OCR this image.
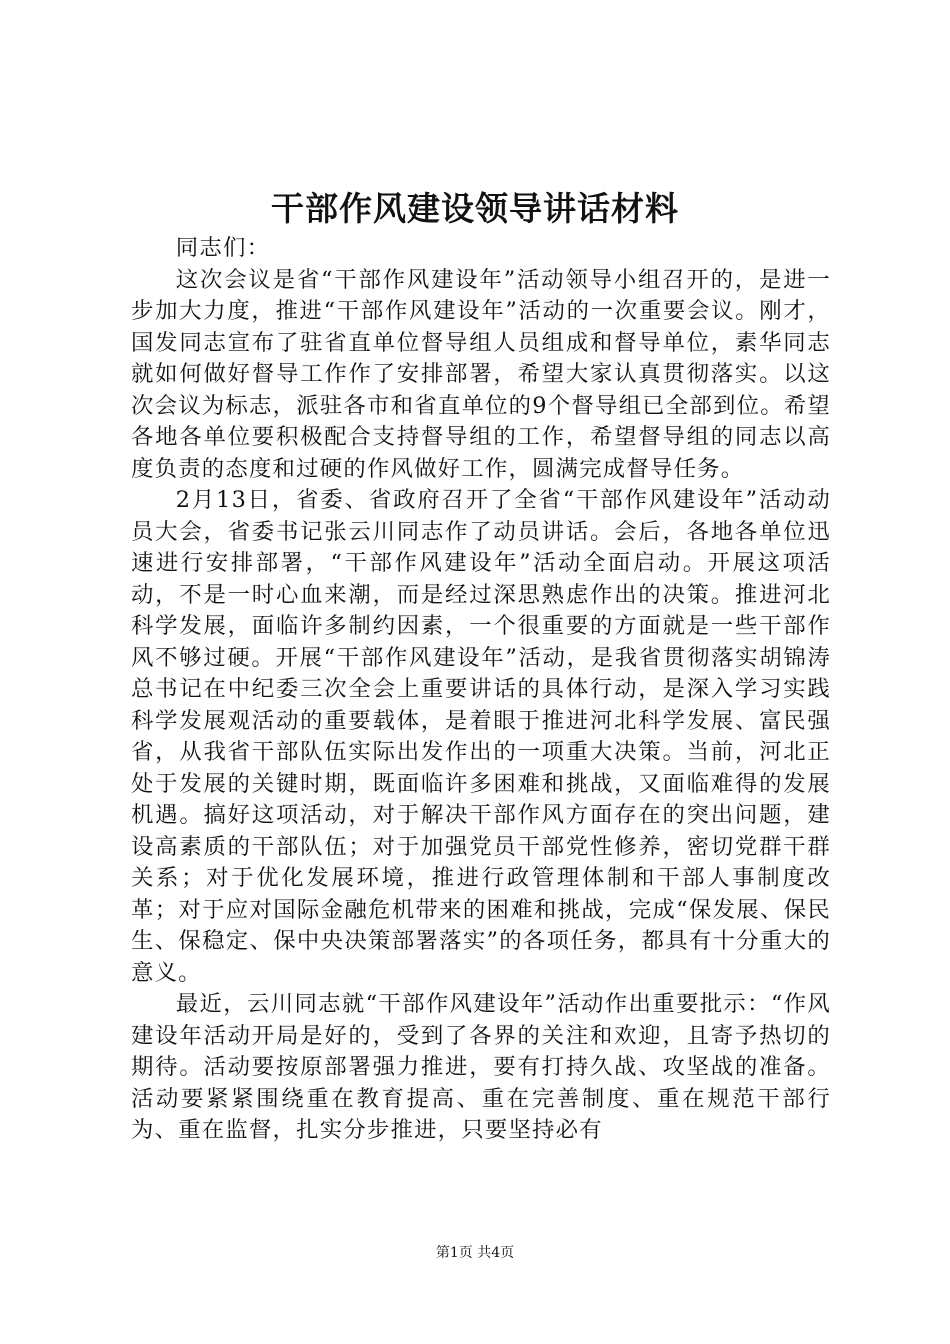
干部作风建设领导讲话材料

同志们：

这次会议是省“干部作风建设年”活动领导小组召开的，是进一步加大力度，推进“干部作风建设年”活动的一次重要会议。刚才，国发同志宣布了驻省直单位督导组人员组成和督导单位，素华同志就如何做好督导工作作了安排部署，希望大家认真贯彻落实。以这次会议为标志，派驻各市和省直单位的9个督导组已全部到位。希望各地各单位要积极配合支持督导组的工作，希望督导组的同志以高度负责的态度和过硬的作风做好工作，圆满完成督导任务。

2月13日，省委、省政府召开了全省“干部作风建设年”活动动员大会，省委书记张云川同志作了动员讲话。会后，各地各单位迅速进行安排部署，“干部作风建设年”活动全面启动。开展这项活动，不是一时心血来潮，而是经过深思熟虑作出的决策。推进河北科学发展，面临许多制约因素，一个很重要的方面就是一些干部作风不够过硬。开展“干部作风建设年”活动，是我省贯彻落实胡锦涛总书记在中纪委三次全会上重要讲话的具体行动，是深入学习实践科学发展观活动的重要载体，是着眼于推进河北科学发展、富民强省，从我省干部队伍实际出发作出的一项重大决策。当前，河北正处于发展的关键时期，既面临许多困难和挑战，又面临难得的发展机遇。搞好这项活动，对于解决干部作风方面存在的突出问题，建设高素质的干部队伍；对于加强党员干部党性修养，密切党群干群关系；对于优化发展环境，推进行政管理体制和干部人事制度改革；对于应对国际金融危机带来的困难和挑战，完成“保发展、保民生、保稳定、保中央决策部署落实”的各项任务，都具有十分重大的意义。

最近，云川同志就“干部作风建设年”活动作出重要批示：“作风建设年活动开局是好的，受到了各界的关注和欢迎，且寄予热切的期待。活动要按原部署强力推进，要有打持久战、攻坚战的准备。活动要紧紧围绕重在教育提高、重在完善制度、重在规范干部行为、重在监督，扎实分步推进，只要坚持必有

第1页 共4页
